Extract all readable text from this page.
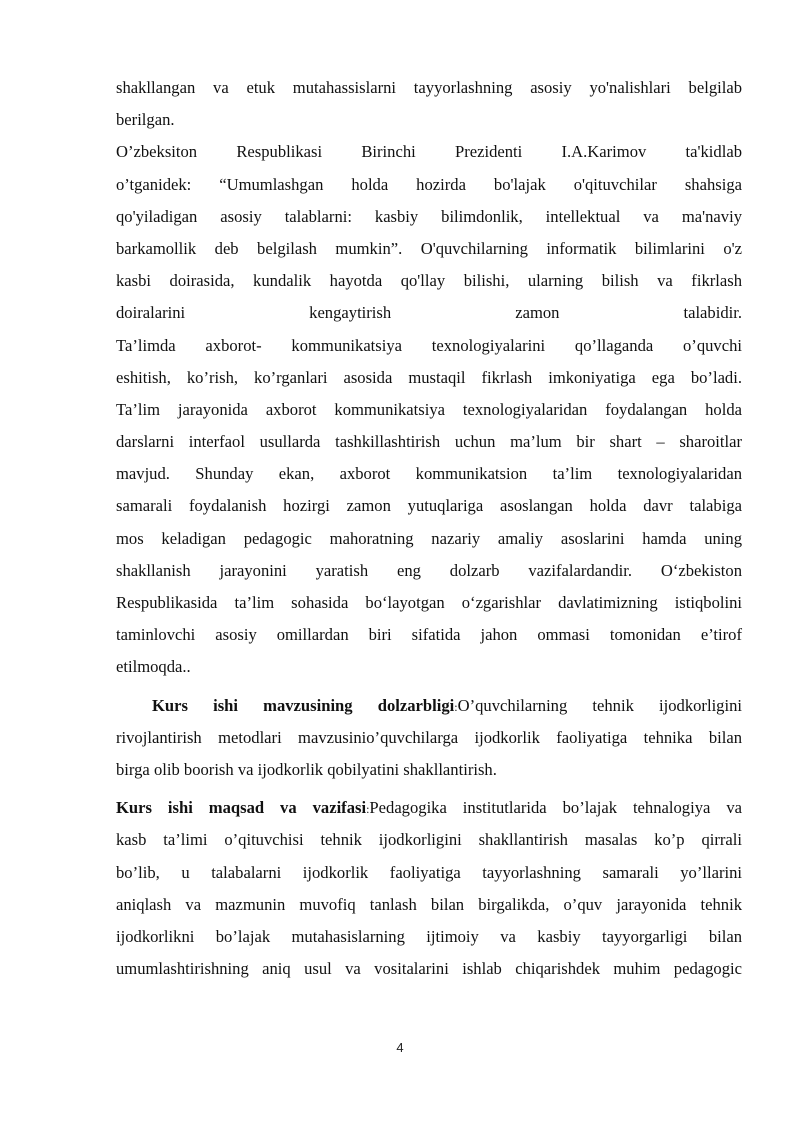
shakllangan va etuk mutahassislarni tayyorlashning asosiy yo'nalishlari belgilab
berilgan.
O’zbeksiton Respublikasi Birinchi Prezidenti I.A.Karimov ta'kidlab
o’tganidek: “Umumlashgan holda hozirda bo'lajak o'qituvchilar shahsiga
qo'yiladigan asosiy talablarni: kasbiy bilimdonlik, intellektual va ma'naviy
barkamollik deb belgilash mumkin”. O'quvchilarning informatik bilimlarini o'z
kasbi doirasida, kundalik hayotda qo'llay bilishi, ularning bilish va fikrlash
doiralarini kengaytirish zamon talabidir.
Ta’limda axborot- kommunikatsiya texnologiyalarini qo’llaganda o’quvchi
eshitish, ko’rish, ko’rganlari asosida mustaqil fikrlash imkoniyatiga ega bo’ladi.
Ta’lim jarayonida axborot kommunikatsiya texnologiyalaridan foydalangan holda
darslarni interfaol usullarda tashkillashtirish uchun ma’lum bir shart – sharoitlar
mavjud. Shunday ekan, axborot kommunikatsion ta’lim texnologiyalaridan
samarali foydalanish hozirgi zamon yutuqlariga asoslangan holda davr talabiga
mos keladigan pedagogic mahoratning nazariy amaliy asoslarini hamda uning
shakllanish jarayonini yaratish eng dolzarb vazifalardandir. O‘zbekiston
Respublikasida ta’lim sohasida bo‘layotgan o‘zgarishlar davlatimizning istiqbolini
taminlovchi asosiy omillardan biri sifatida jahon ommasi tomonidan e’tirof
etilmoqda..
Kurs ishi mavzusining dolzarbligi:O’quvchilarning tehnik ijodkorligini
rivojlantirish metodlari mavzusinio’quvchilarga ijodkorlik faoliyatiga tehnika bilan
birga olib boorish va ijodkorlik qobilyatini shakllantirish.
Kurs ishi maqsad va vazifasi:Pedagogika institutlarida bo’lajak tehnalogiya va
kasb ta’limi o’qituvchisi tehnik ijodkorligini shakllantirish masalas ko’p qirrali
bo’lib, u talabalarni ijodkorlik faoliyatiga tayyorlashning samarali yo’llarini
aniqlash va mazmunin muvofiq tanlash bilan birgalikda, o’quv jarayonida tehnik
ijodkorlikni bo’lajak mutahasislarning ijtimoiy va kasbiy tayyorgarligi bilan
umumlashtirishning aniq usul va vositalarini ishlab chiqarishdek muhim pedagogic
4
